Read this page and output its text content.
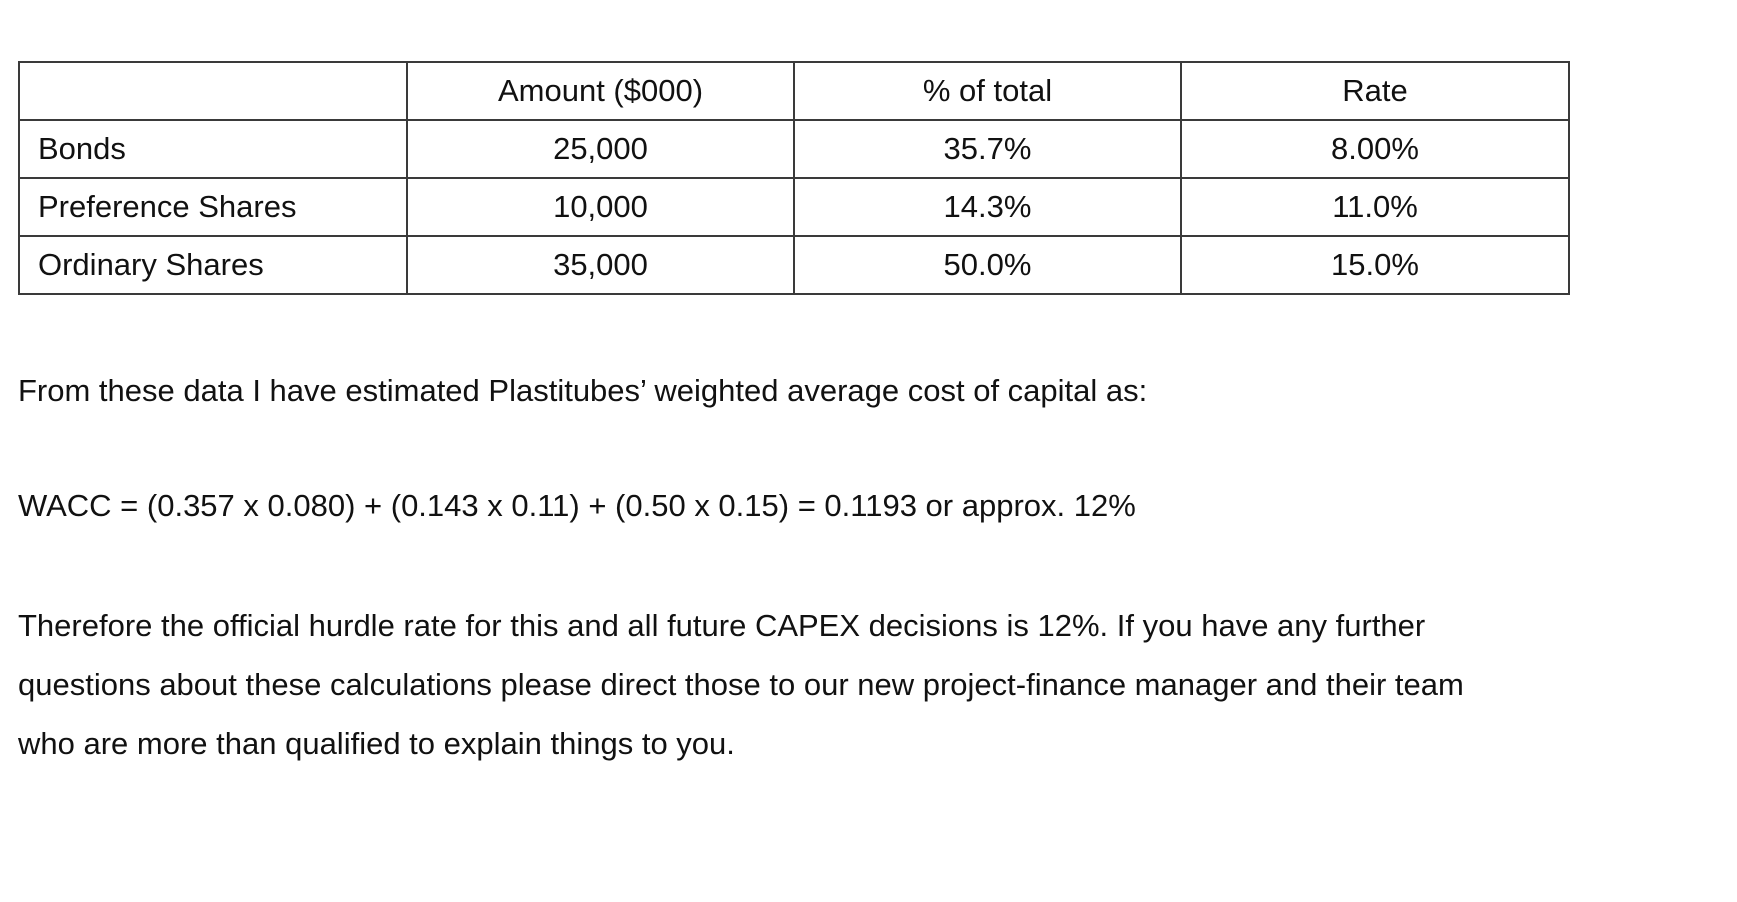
	Amount ($000)	% of total	Rate
Bonds	25,000	35.7%	8.00%
Preference Shares	10,000	14.3%	11.0%
Ordinary Shares	35,000	50.0%	15.0%

From these data I have estimated Plastitubes’ weighted average cost of capital as:

WACC = (0.357 x 0.080) + (0.143 x 0.11) + (0.50 x 0.15) = 0.1193 or approx. 12%

Therefore the official hurdle rate for this and all future CAPEX decisions is 12%. If you have any further
questions about these calculations please direct those to our new project-finance manager and their team
who are more than qualified to explain things to you.
